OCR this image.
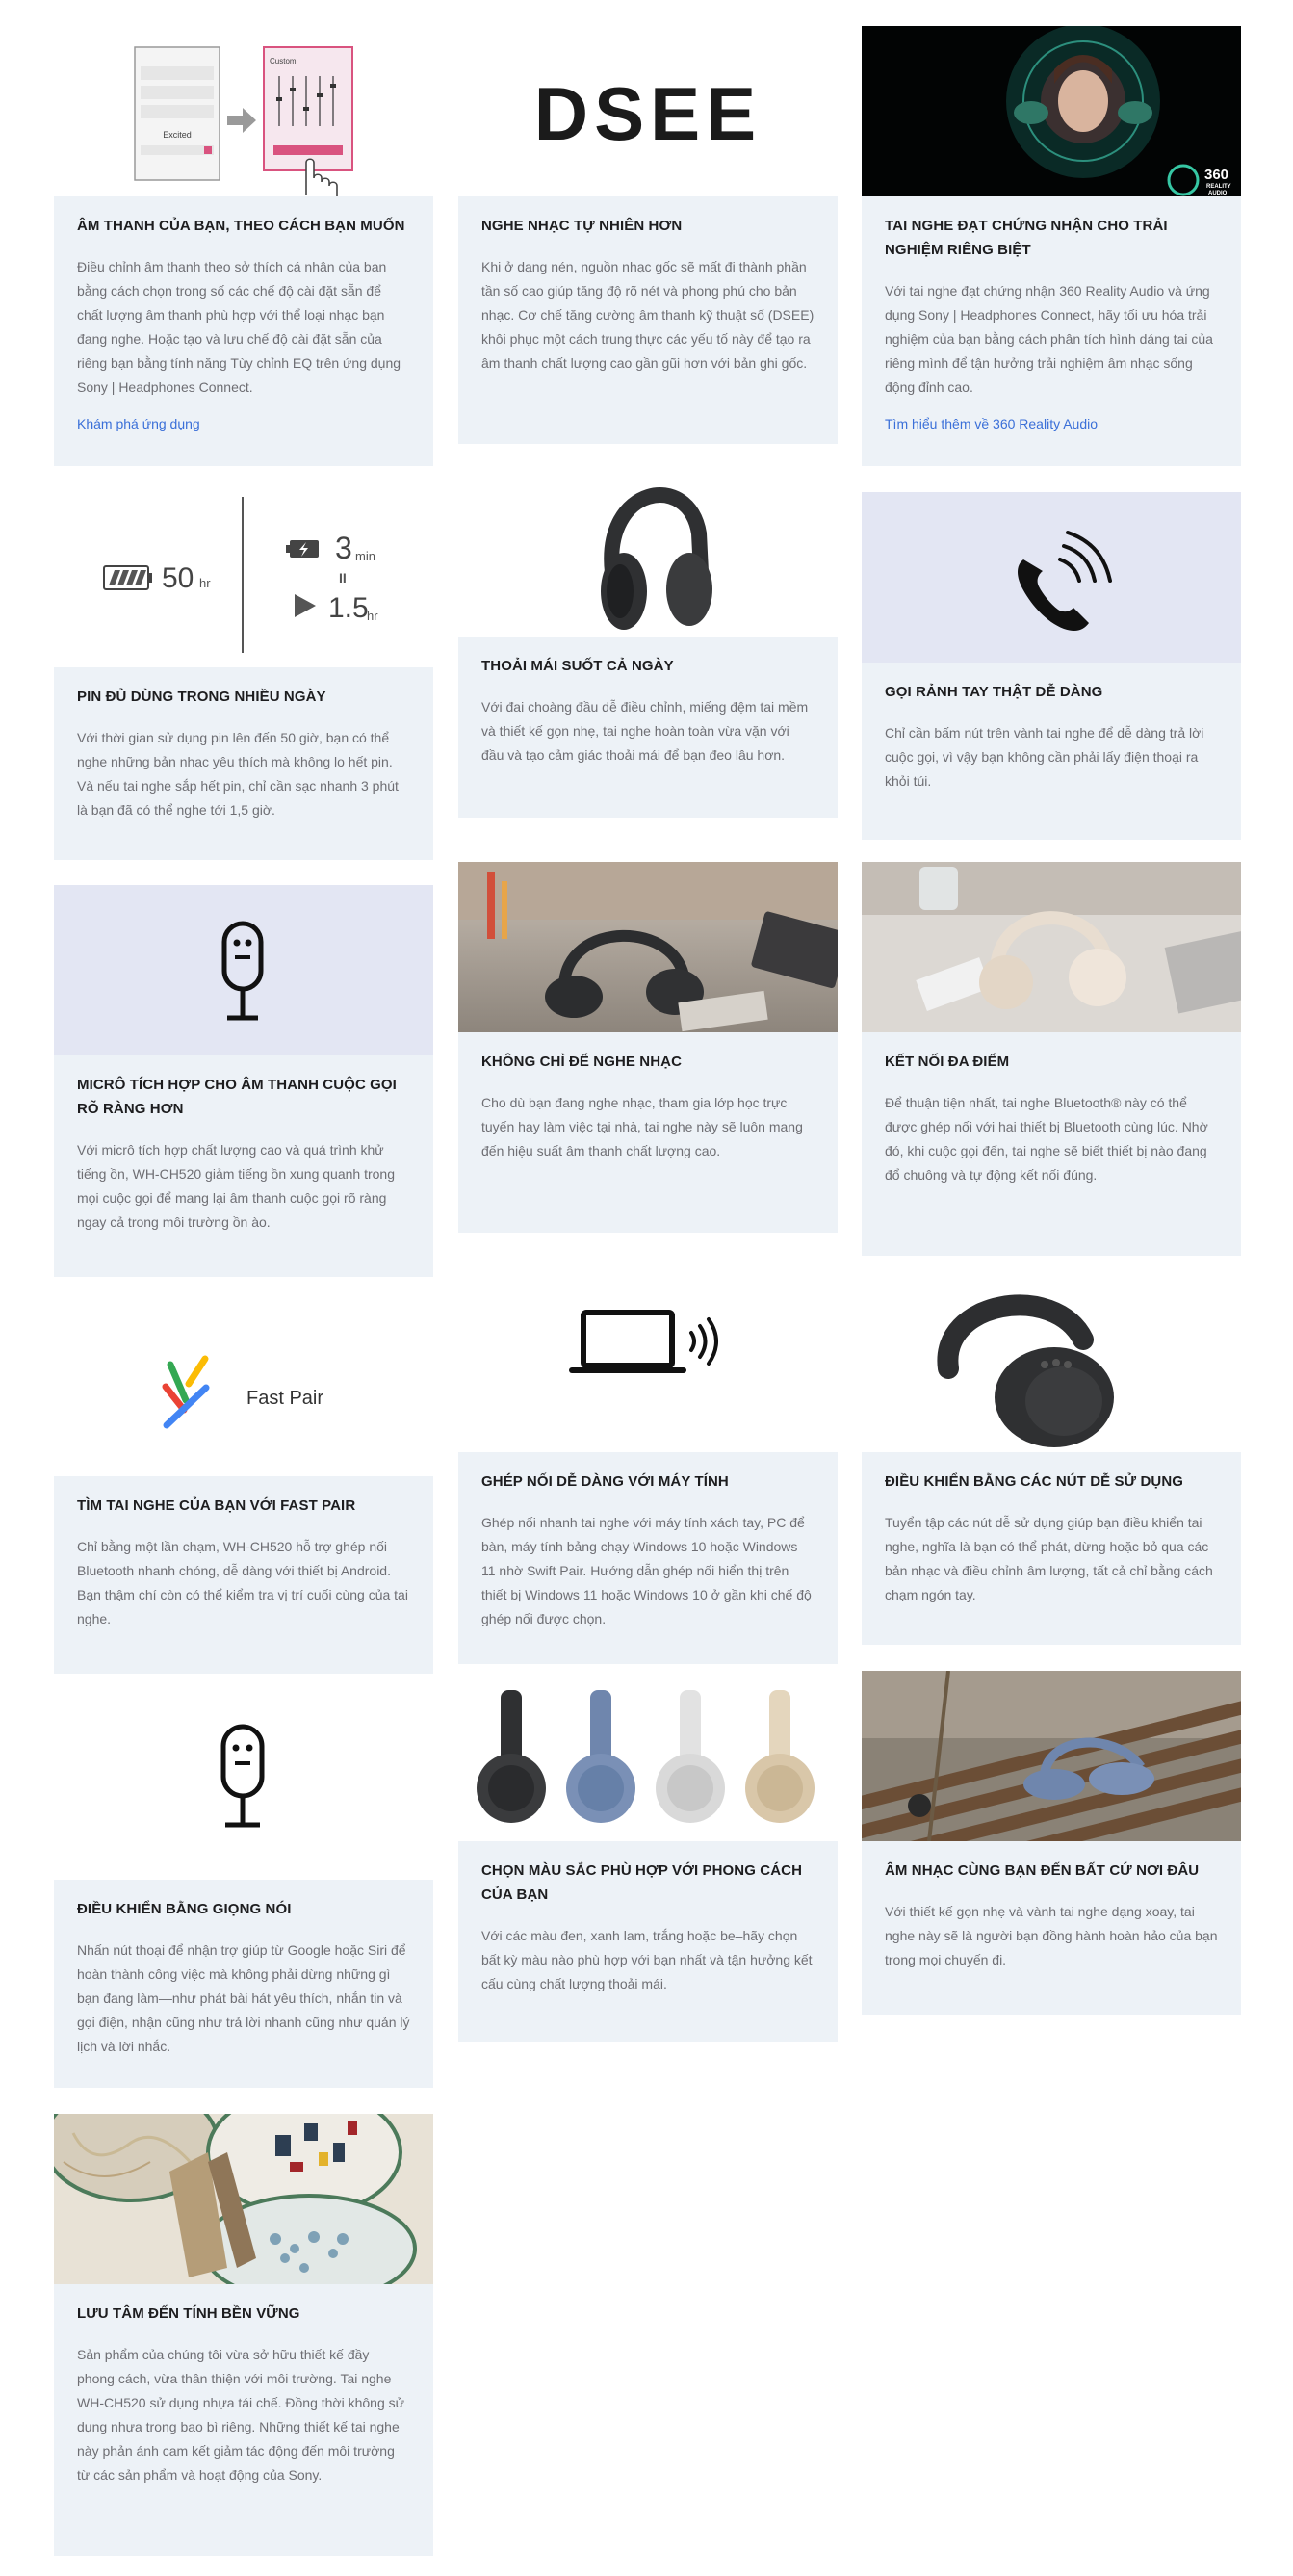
Excited
Custom

ÂM THANH CỦA BẠN, THEO CÁCH BẠN MUỐN

Điều chỉnh âm thanh theo sở thích cá nhân của bạn bằng cách chọn trong số các chế độ cài đặt sẵn để chất lượng âm thanh phù hợp với thể loại nhạc bạn đang nghe. Hoặc tạo và lưu chế độ cài đặt sẵn của riêng bạn bằng tính năng Tùy chỉnh EQ trên ứng dụng Sony | Headphones Connect.

Khám phá ứng dụng
50 hr
3 min
II
1.5
hr

PIN ĐỦ DÙNG TRONG NHIỀU NGÀY

Với thời gian sử dụng pin lên đến 50 giờ, bạn có thể nghe những bản nhạc yêu thích mà không lo hết pin. Và nếu tai nghe sắp hết pin, chỉ cần sạc nhanh 3 phút là bạn đã có thể nghe tới 1,5 giờ.

MICRÔ TÍCH HỢP CHO ÂM THANH CUỘC GỌI RÕ RÀNG HƠN

Với micrô tích hợp chất lượng cao và quá trình khử tiếng ồn, WH-CH520 giảm tiếng ồn xung quanh trong mọi cuộc gọi để mang lại âm thanh cuộc gọi rõ ràng ngay cả trong môi trường ồn ào.

Fast Pair

TÌM TAI NGHE CỦA BẠN VỚI FAST PAIR

Chỉ bằng một lần chạm, WH-CH520 hỗ trợ ghép nối Bluetooth nhanh chóng, dễ dàng với thiết bị Android. Bạn thậm chí còn có thể kiểm tra vị trí cuối cùng của tai nghe.

ĐIỀU KHIỂN BẰNG GIỌNG NÓI

Nhấn nút thoại để nhận trợ giúp từ Google hoặc Siri để hoàn thành công việc mà không phải dừng những gì bạn đang làm—như phát bài hát yêu thích, nhắn tin và gọi điện, nhận cũng như trả lời nhanh cũng như quản lý lịch và lời nhắc.

LƯU TÂM ĐẾN TÍNH BỀN VỮNG

Sản phẩm của chúng tôi vừa sở hữu thiết kế đầy phong cách, vừa thân thiện với môi trường. Tai nghe WH-CH520 sử dụng nhựa tái chế. Đồng thời không sử dụng nhựa trong bao bì riêng. Những thiết kế tai nghe này phản ánh cam kết giảm tác động đến môi trường từ các sản phẩm và hoạt động của Sony.

DSEE

NGHE NHẠC TỰ NHIÊN HƠN

Khi ở dạng nén, nguồn nhạc gốc sẽ mất đi thành phần tần số cao giúp tăng độ rõ nét và phong phú cho bản nhạc. Cơ chế tăng cường âm thanh kỹ thuật số (DSEE) khôi phục một cách trung thực các yếu tố này để tạo ra âm thanh chất lượng cao gần gũi hơn với bản ghi gốc.

THOẢI MÁI SUỐT CẢ NGÀY

Với đai choàng đầu dễ điều chỉnh, miếng đệm tai mềm và thiết kế gọn nhẹ, tai nghe hoàn toàn vừa vặn với đầu và tạo cảm giác thoải mái để bạn đeo lâu hơn.

KHÔNG CHỈ ĐỂ NGHE NHẠC

Cho dù bạn đang nghe nhạc, tham gia lớp học trực tuyến hay làm việc tại nhà, tai nghe này sẽ luôn mang đến hiệu suất âm thanh chất lượng cao.

GHÉP NỐI DỄ DÀNG VỚI MÁY TÍNH

Ghép nối nhanh tai nghe với máy tính xách tay, PC để bàn, máy tính bảng chạy Windows 10 hoặc Windows 11 nhờ Swift Pair. Hướng dẫn ghép nối hiển thị trên thiết bị Windows 11 hoặc Windows 10 ở gần khi chế độ ghép nối được chọn.

CHỌN MÀU SẮC PHÙ HỢP VỚI PHONG CÁCH CỦA BẠN

Với các màu đen, xanh lam, trắng hoặc be–hãy chọn bất kỳ màu nào phù hợp với bạn nhất và tận hưởng kết cấu cùng chất lượng thoải mái.

360
REALITY
AUDIO

TAI NGHE ĐẠT CHỨNG NHẬN CHO TRẢI NGHIỆM RIÊNG BIỆT

Với tai nghe đạt chứng nhận 360 Reality Audio và ứng dụng Sony | Headphones Connect, hãy tối ưu hóa trải nghiệm của bạn bằng cách phân tích hình dáng tai của riêng mình để tận hưởng trải nghiệm âm nhạc sống động đỉnh cao.

Tìm hiểu thêm về 360 Reality Audio

GỌI RẢNH TAY THẬT DỄ DÀNG

Chỉ cần bấm nút trên vành tai nghe để dễ dàng trả lời cuộc gọi, vì vậy bạn không cần phải lấy điện thoại ra khỏi túi.

KẾT NỐI ĐA ĐIỂM

Để thuận tiện nhất, tai nghe Bluetooth® này có thể được ghép nối với hai thiết bị Bluetooth cùng lúc. Nhờ đó, khi cuộc gọi đến, tai nghe sẽ biết thiết bị nào đang đổ chuông và tự động kết nối đúng.

ĐIỀU KHIỂN BẰNG CÁC NÚT DỄ SỬ DỤNG

Tuyển tập các nút dễ sử dụng giúp bạn điều khiển tai nghe, nghĩa là bạn có thể phát, dừng hoặc bỏ qua các bản nhạc và điều chỉnh âm lượng, tất cả chỉ bằng cách chạm ngón tay.

ÂM NHẠC CÙNG BẠN ĐẾN BẤT CỨ NƠI ĐÂU

Với thiết kế gọn nhẹ và vành tai nghe dạng xoay, tai nghe này sẽ là người bạn đồng hành hoàn hảo của bạn trong mọi chuyến đi.
